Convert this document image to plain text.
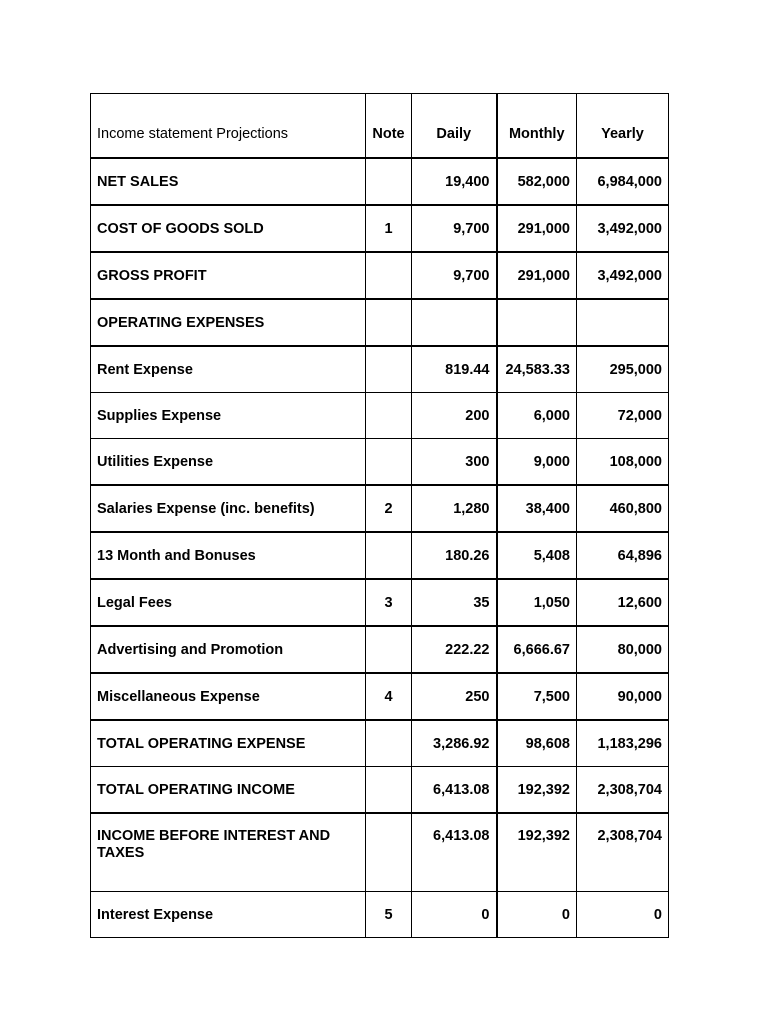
Income statement Projections	Note	Daily	Monthly	Yearly
NET SALES		19,400	582,000	6,984,000
COST OF GOODS SOLD	1	9,700	291,000	3,492,000
GROSS PROFIT		9,700	291,000	3,492,000
OPERATING EXPENSES				
Rent Expense		819.44	24,583.33	295,000
Supplies Expense		200	6,000	72,000
Utilities Expense		300	9,000	108,000
Salaries Expense (inc. benefits)	2	1,280	38,400	460,800
13 Month and Bonuses		180.26	5,408	64,896
Legal Fees	3	35	1,050	12,600
Advertising and Promotion		222.22	6,666.67	80,000
Miscellaneous Expense	4	250	7,500	90,000
TOTAL OPERATING EXPENSE		3,286.92	98,608	1,183,296
TOTAL OPERATING INCOME		6,413.08	192,392	2,308,704
INCOME BEFORE INTEREST AND TAXES		6,413.08	192,392	2,308,704
Interest Expense	5	0	0	0
